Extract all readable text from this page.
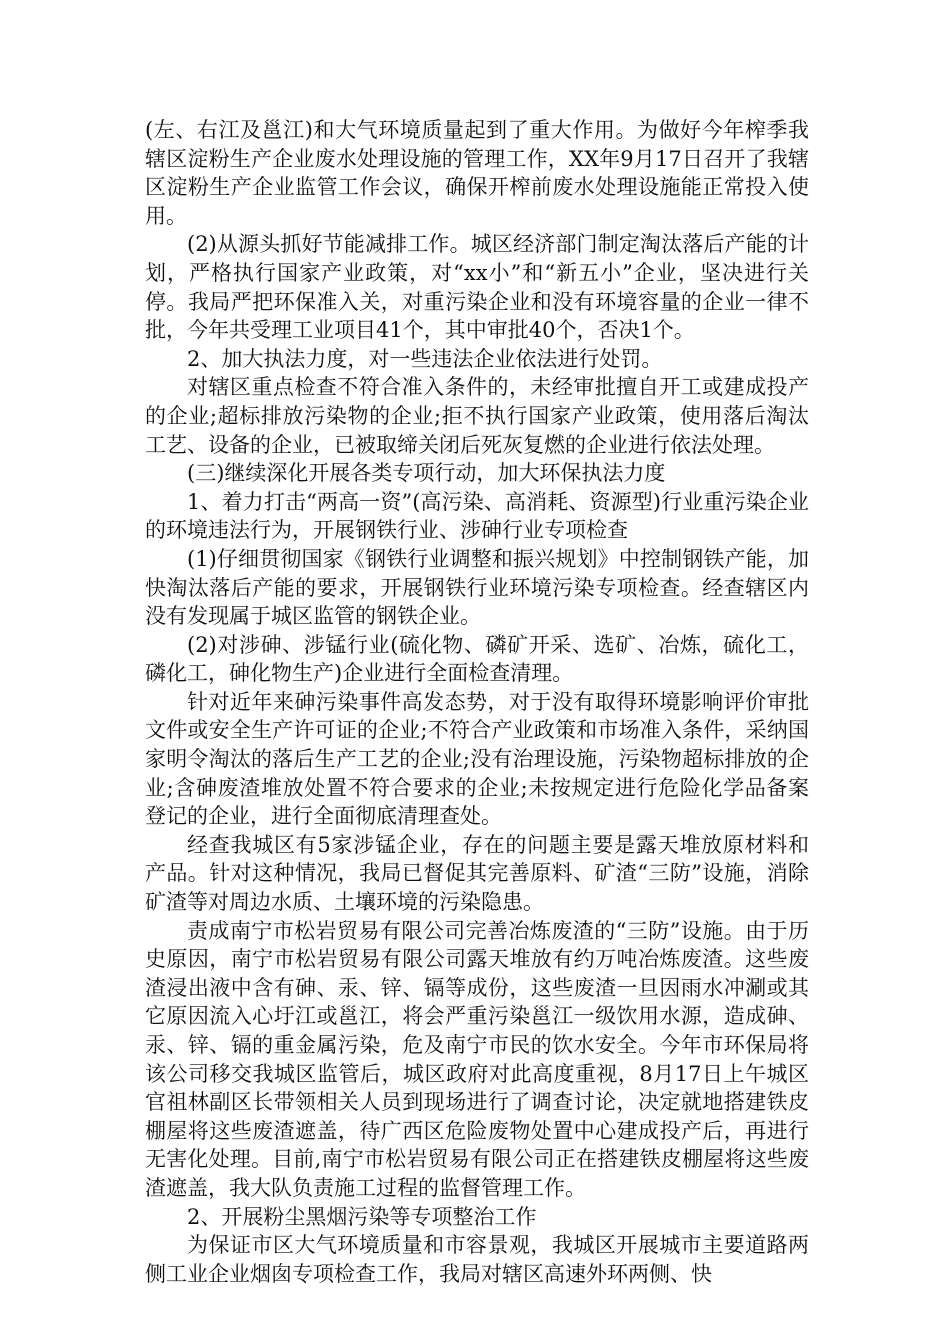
(左、右江及邕江)和大气环境质量起到了重大作用。为做好今年榨季我辖区淀粉生产企业废水处理设施的管理工作，XX年9月17日召开了我辖区淀粉生产企业监管工作会议，确保开榨前废水处理设施能正常投入使用。

(2)从源头抓好节能减排工作。城区经济部门制定淘汰落后产能的计划，严格执行国家产业政策，对“xx小”和“新五小”企业，坚决进行关停。我局严把环保准入关，对重污染企业和没有环境容量的企业一律不批，今年共受理工业项目41个，其中审批40个，否决1个。

2、加大执法力度，对一些违法企业依法进行处罚。

对辖区重点检查不符合准入条件的，未经审批擅自开工或建成投产的企业;超标排放污染物的企业;拒不执行国家产业政策，使用落后淘汰工艺、设备的企业，已被取缔关闭后死灰复燃的企业进行依法处理。

(三)继续深化开展各类专项行动，加大环保执法力度

1、着力打击“两高一资”(高污染、高消耗、资源型)行业重污染企业的环境违法行为，开展钢铁行业、涉砷行业专项检查

(1)仔细贯彻国家《钢铁行业调整和振兴规划》中控制钢铁产能，加快淘汰落后产能的要求，开展钢铁行业环境污染专项检查。经查辖区内没有发现属于城区监管的钢铁企业。

(2)对涉砷、涉锰行业(硫化物、磷矿开采、选矿、冶炼，硫化工，磷化工，砷化物生产)企业进行全面检查清理。

针对近年来砷污染事件高发态势，对于没有取得环境影响评价审批文件或安全生产许可证的企业;不符合产业政策和市场准入条件，采纳国家明令淘汰的落后生产工艺的企业;没有治理设施，污染物超标排放的企业;含砷废渣堆放处置不符合要求的企业;未按规定进行危险化学品备案登记的企业，进行全面彻底清理查处。

经查我城区有5家涉锰企业，存在的问题主要是露天堆放原材料和产品。针对这种情况，我局已督促其完善原料、矿渣“三防”设施，消除矿渣等对周边水质、土壤环境的污染隐患。

责成南宁市松岩贸易有限公司完善冶炼废渣的“三防”设施。由于历史原因，南宁市松岩贸易有限公司露天堆放有约万吨冶炼废渣。这些废渣浸出液中含有砷、汞、锌、镉等成份，这些废渣一旦因雨水冲涮或其它原因流入心圩江或邕江，将会严重污染邕江一级饮用水源，造成砷、汞、锌、镉的重金属污染，危及南宁市民的饮水安全。今年市环保局将该公司移交我城区监管后，城区政府对此高度重视，8月17日上午城区官祖林副区长带领相关人员到现场进行了调查讨论，决定就地搭建铁皮棚屋将这些废渣遮盖，待广西区危险废物处置中心建成投产后，再进行无害化处理。目前,南宁市松岩贸易有限公司正在搭建铁皮棚屋将这些废渣遮盖，我大队负责施工过程的监督管理工作。

2、开展粉尘黑烟污染等专项整治工作

为保证市区大气环境质量和市容景观，我城区开展城市主要道路两侧工业企业烟囱专项检查工作，我局对辖区高速外环两侧、快
